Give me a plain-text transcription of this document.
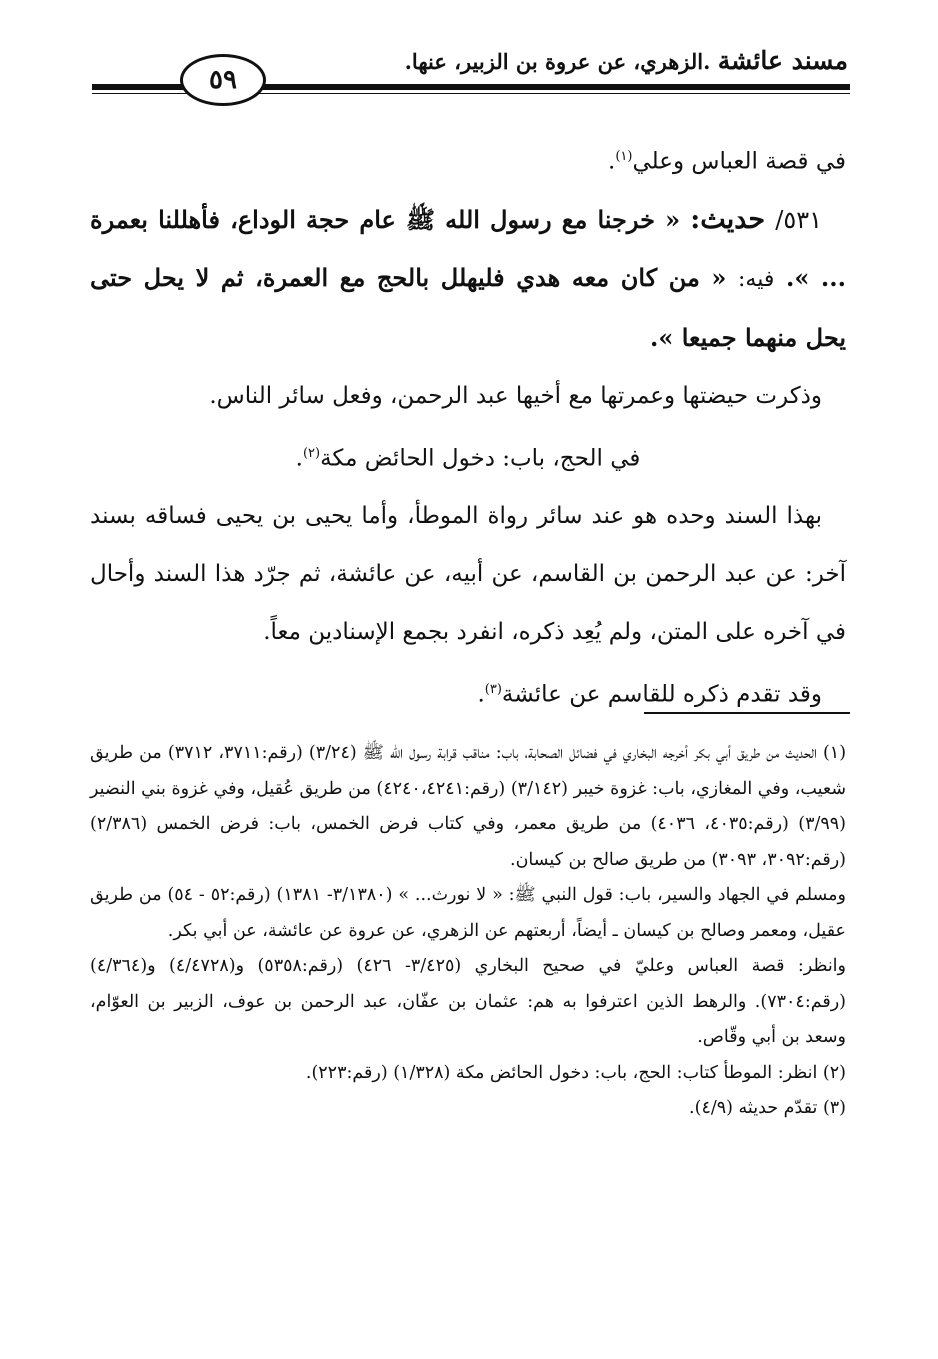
مسند عائشة .الزهري، عن عروة بن الزبير، عنها.
٥٩

في قصة العباس وعلي$^{(١)}$.

٥٣١/ حديث: « خرجنا مع رسول الله ﷺ عام حجة الوداع، فأهللنا بعمرة ... ». فيه: « من كان معه هدي فليهلل بالحج مع العمرة، ثم لا يحل حتى يحل منهما جميعا ».

وذكرت حيضتها وعمرتها مع أخيها عبد الرحمن، وفعل سائر الناس.

في الحج، باب: دخول الحائض مكة$^{(٢)}$.

بهذا السند وحده هو عند سائر رواة الموطأ، وأما يحيى بن يحيى فساقه بسند آخر: عن عبد الرحمن بن القاسم، عن أبيه، عن عائشة، ثم جرّد هذا السند وأحال في آخره على المتن، ولم يُعِد ذكره، انفرد بجمع الإسنادين معاً.

وقد تقدم ذكره للقاسم عن عائشة$^{(٣)}$.

(١) الحديث من طريق أبي بكر أخرجه البخاري في فضائل الصحابة، باب: مناقب قرابة رسول الله ﷺ (٣/٢٤) (رقم:٣٧١١، ٣٧١٢) من طريق شعيب، وفي المغازي، باب: غزوة خيبر (٣/١٤٢) (رقم:٤٢٤٠،٤٢٤١) من طريق عُقيل، وفي غزوة بني النضير (٣/٩٩) (رقم:٤٠٣٥، ٤٠٣٦) من طريق معمر، وفي كتاب فرض الخمس، باب: فرض الخمس (٢/٣٨٦) (رقم:٣٠٩٢، ٣٠٩٣) من طريق صالح بن كيسان.

ومسلم في الجهاد والسير، باب: قول النبي ﷺ: « لا نورث... » (٣/١٣٨٠- ١٣٨١) (رقم:٥٢ - ٥٤) من طريق عقيل، ومعمر وصالح بن كيسان ـ أيضاً، أربعتهم عن الزهري، عن عروة عن عائشة، عن أبي بكر.

وانظر: قصة العباس وعليّ في صحيح البخاري (٣/٤٢٥- ٤٢٦) (رقم:٥٣٥٨) و(٤/٤٧٢٨) و(٤/٣٦٤) (رقم:٧٣٠٤). والرهط الذين اعترفوا به هم: عثمان بن عفّان، عبد الرحمن بن عوف، الزبير بن العوّام، وسعد بن أبي وقّاص.

(٢) انظر: الموطأ كتاب: الحج، باب: دخول الحائض مكة (١/٣٢٨) (رقم:٢٢٣).

(٣) تقدّم حديثه (٤/٩).
